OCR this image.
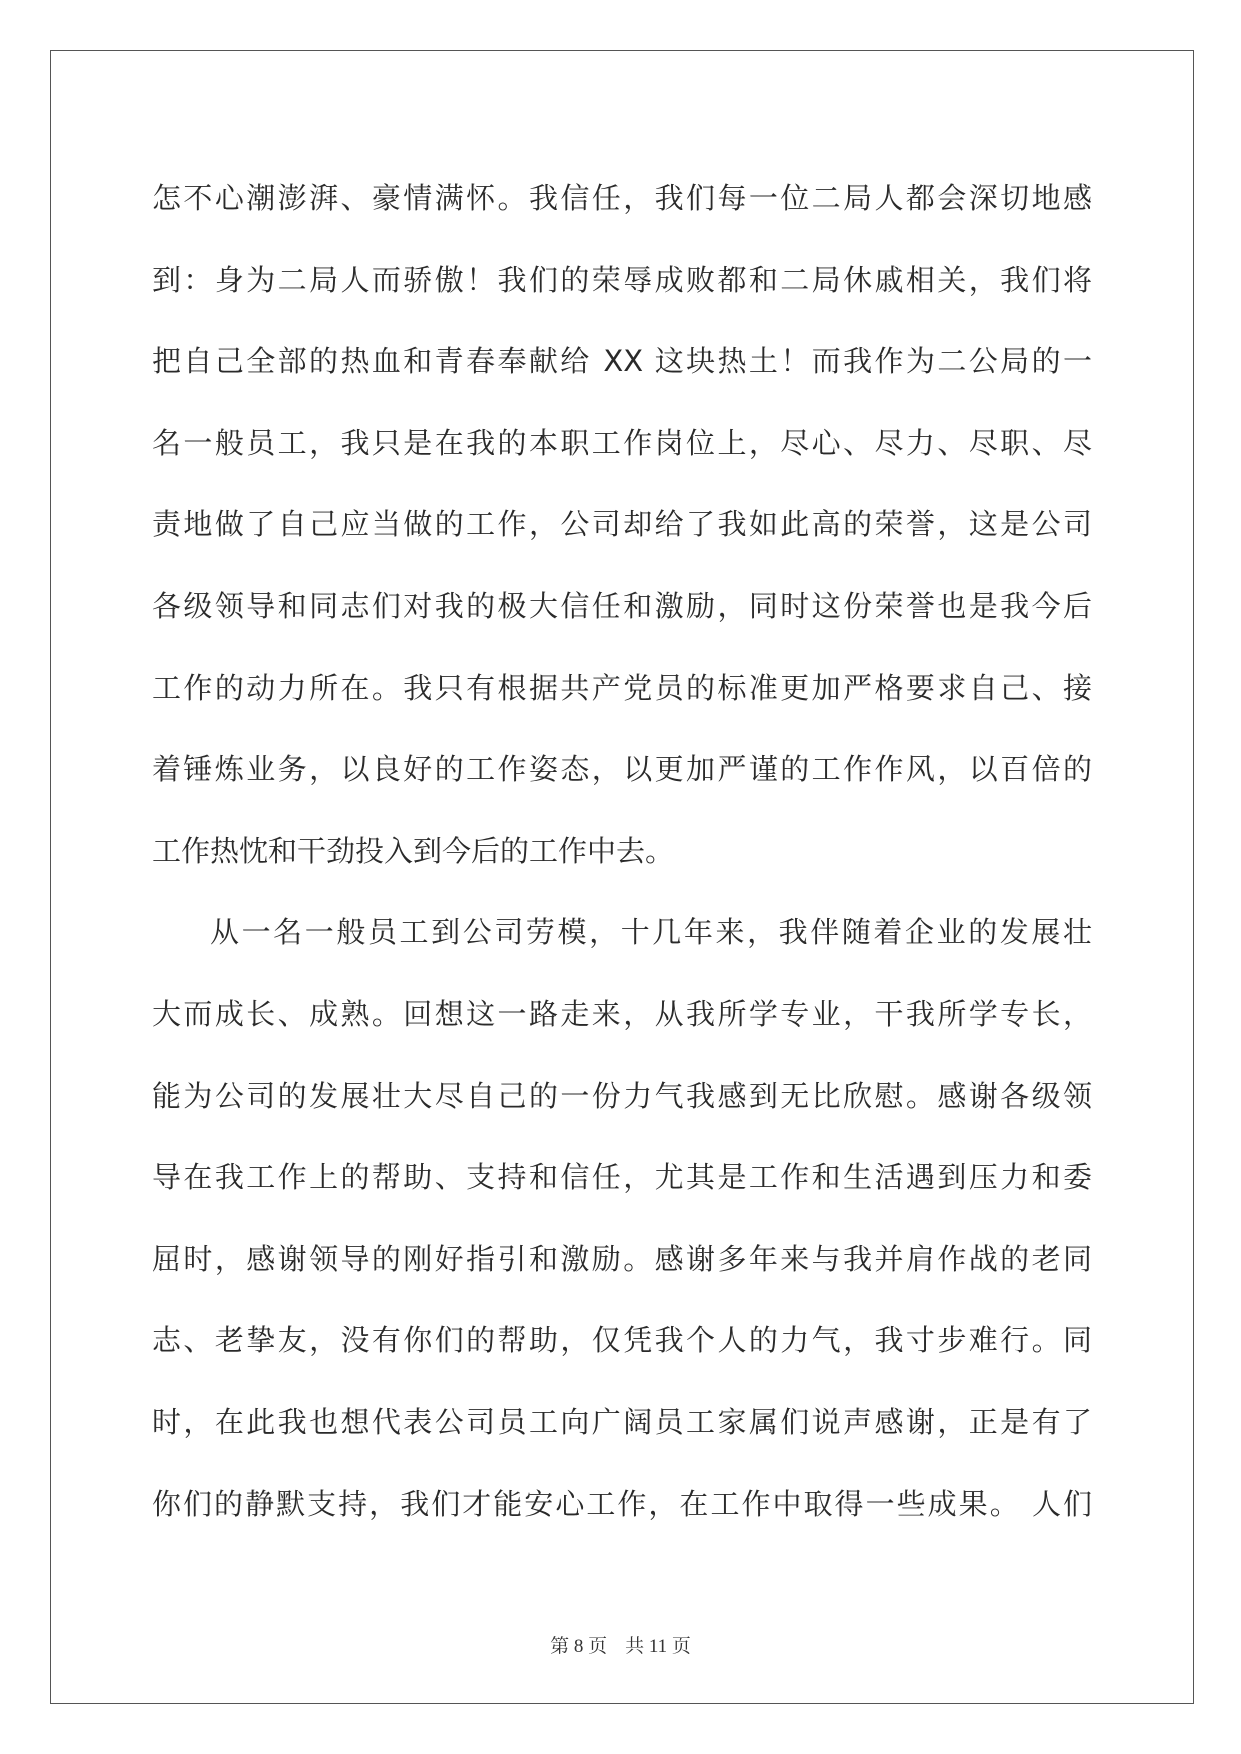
怎不心潮澎湃、豪情满怀。我信任，我们每一位二局人都会深切地感
到：身为二局人而骄傲！我们的荣辱成败都和二局休戚相关，我们将
把自己全部的热血和青春奉献给 XX 这块热土！而我作为二公局的一
名一般员工，我只是在我的本职工作岗位上，尽心、尽力、尽职、尽
责地做了自己应当做的工作，公司却给了我如此高的荣誉，这是公司
各级领导和同志们对我的极大信任和激励，同时这份荣誉也是我今后
工作的动力所在。我只有根据共产党员的标准更加严格要求自己、接
着锤炼业务，以良好的工作姿态，以更加严谨的工作作风，以百倍的
工作热忱和干劲投入到今后的工作中去。

从一名一般员工到公司劳模，十几年来，我伴随着企业的发展壮
大而成长、成熟。回想这一路走来，从我所学专业，干我所学专长，
能为公司的发展壮大尽自己的一份力气我感到无比欣慰。感谢各级领
导在我工作上的帮助、支持和信任，尤其是工作和生活遇到压力和委
屈时，感谢领导的刚好指引和激励。感谢多年来与我并肩作战的老同
志、老挚友，没有你们的帮助，仅凭我个人的力气，我寸步难行。同
时，在此我也想代表公司员工向广阔员工家属们说声感谢，正是有了
你们的静默支持，我们才能安心工作，在工作中取得一些成果。 人们

第 8 页 共 11 页
